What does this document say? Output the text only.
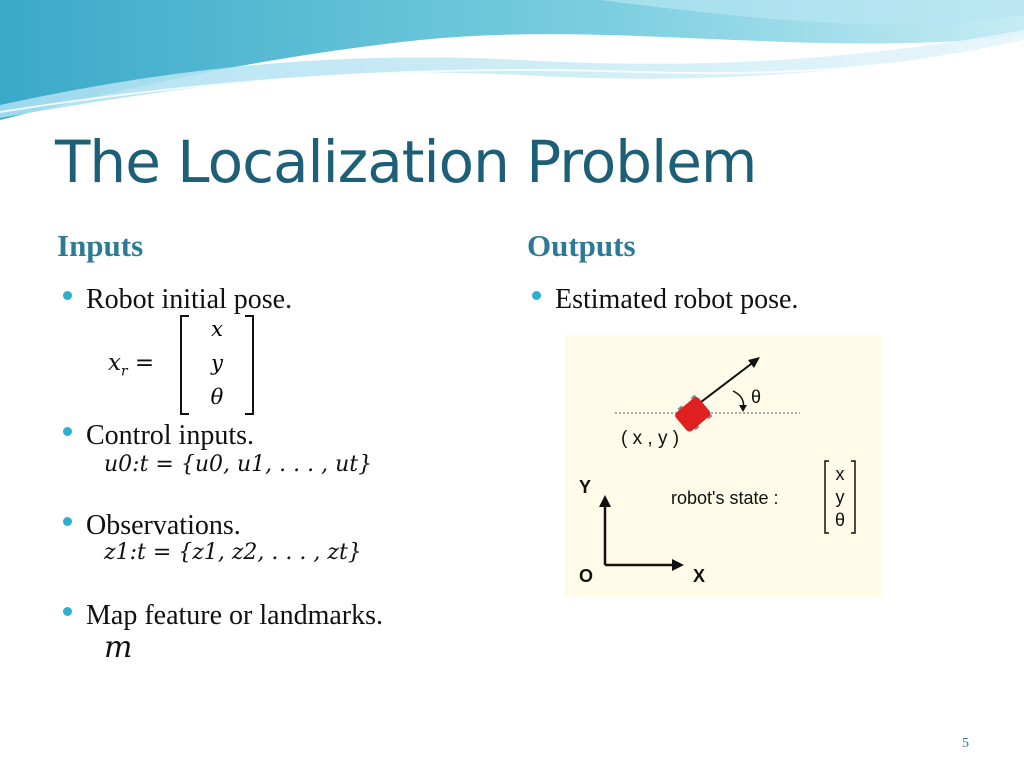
The Localization Problem
Inputs
Robot initial pose.
$x_r$ =
x
y
θ
Control inputs.
u0:t = {u0, u1, . . . , ut}
Observations.
z1:t = {z1, z2, . . . , zt}
Map feature or landmarks.
m
Outputs
Estimated robot pose.
θ
( x , y )
Y
X
O
robot's state :
x
y
θ
5
